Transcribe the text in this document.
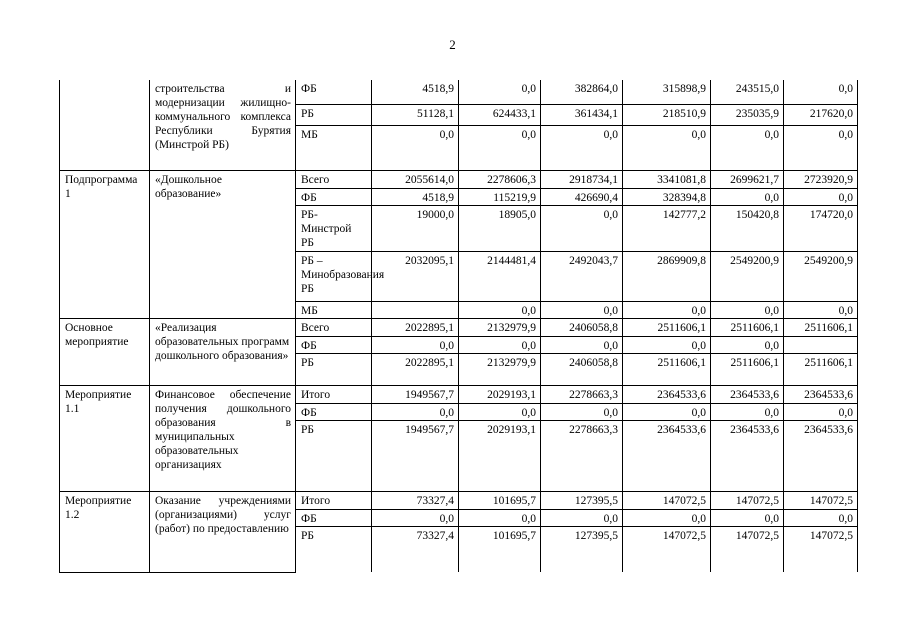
2
	строительства и модернизации жилищно-коммунального комплекса Республики Бурятия (Минстрой РБ)	ФБ	4518,9	0,0	382864,0	315898,9	243515,0	0,0
		РБ	51128,1	624433,1	361434,1	218510,9	235035,9	217620,0
		МБ	0,0	0,0	0,0	0,0	0,0	0,0
Подпрограмма 1	«Дошкольное образование»	Всего	2055614,0	2278606,3	2918734,1	3341081,8	2699621,7	2723920,9
		ФБ	4518,9	115219,9	426690,4	328394,8	0,0	0,0
		РБ- Минстрой РБ	19000,0	18905,0	0,0	142777,2	150420,8	174720,0
		РБ – Минобразования РБ	2032095,1	2144481,4	2492043,7	2869909,8	2549200,9	2549200,9
		МБ		0,0	0,0	0,0	0,0	0,0
Основное мероприятие	«Реализация образовательных программ дошкольного образования»	Всего	2022895,1	2132979,9	2406058,8	2511606,1	2511606,1	2511606,1
		ФБ	0,0	0,0	0,0	0,0	0,0	
		РБ	2022895,1	2132979,9	2406058,8	2511606,1	2511606,1	2511606,1
Мероприятие 1.1	Финансовое обеспечение получения дошкольного образования в муниципальных образовательных организациях	Итого	1949567,7	2029193,1	2278663,3	2364533,6	2364533,6	2364533,6
		ФБ	0,0	0,0	0,0	0,0	0,0	0,0
		РБ	1949567,7	2029193,1	2278663,3	2364533,6	2364533,6	2364533,6
Мероприятие 1.2	Оказание учреждениями (организациями) услуг (работ) по предоставлению	Итого	73327,4	101695,7	127395,5	147072,5	147072,5	147072,5
		ФБ	0,0	0,0	0,0	0,0	0,0	0,0
		РБ	73327,4	101695,7	127395,5	147072,5	147072,5	147072,5
